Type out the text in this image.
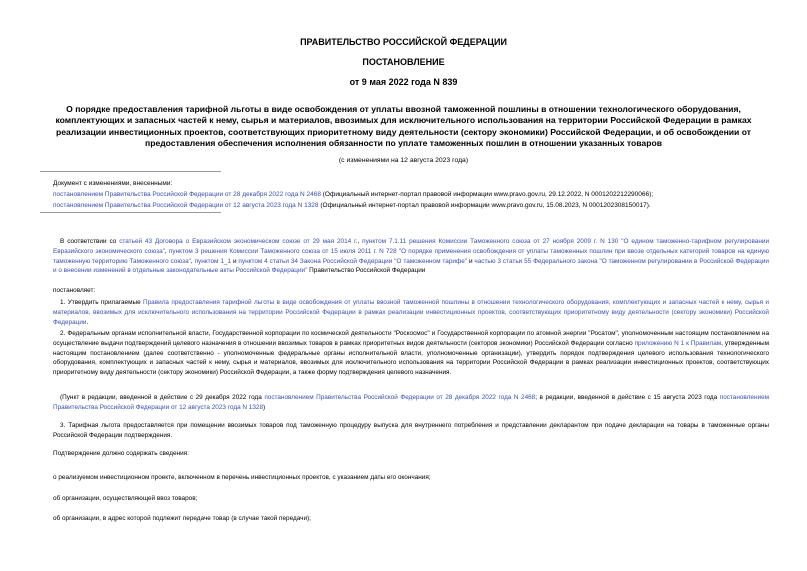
ПРАВИТЕЛЬСТВО РОССИЙСКОЙ ФЕДЕРАЦИИ
ПОСТАНОВЛЕНИЕ
от 9 мая 2022 года N 839
О порядке предоставления тарифной льготы в виде освобождения от уплаты ввозной таможенной пошлины в отношении технологического оборудования, комплектующих и запасных частей к нему, сырья и материалов, ввозимых для исключительного использования на территории Российской Федерации в рамках реализации инвестиционных проектов, соответствующих приоритетному виду деятельности (сектору экономики) Российской Федерации, и об освобождении от предоставления обеспечения исполнения обязанности по уплате таможенных пошлин в отношении указанных товаров
(с изменениями на 12 августа 2023 года)
Документ с изменениями, внесенными:
постановлением Правительства Российской Федерации от 28 декабря 2022 года N 2468 (Официальный интернет-портал правовой информации www.pravo.gov.ru, 29.12.2022, N 0001202212290066);
постановлением Правительства Российской Федерации от 12 августа 2023 года N 1328 (Официальный интернет-портал правовой информации www.pravo.gov.ru, 15.08.2023, N 0001202308150017).
В соответствии со статьей 43 Договора о Евразийском экономическом союзе от 29 мая 2014 г., пунктом 7.1.11 решения Комиссии Таможенного союза от 27 ноября 2009 г. N 130 "О едином таможенно-тарифном регулировании Евразийского экономического союза", пунктом 3 решения Комиссии Таможенного союза от 15 июля 2011 г. N 728 "О порядке применения освобождения от уплаты таможенных пошлин при ввозе отдельных категорий товаров на единую таможенную территорию Таможенного союза", пунктом 1_1 и пунктом 4 статьи 34 Закона Российской Федерации "О таможенном тарифе" и частью 3 статьи 55 Федерального закона "О таможенном регулировании в Российской Федерации и о внесении изменений в отдельные законодательные акты Российской Федерации" Правительство Российской Федерации
постановляет:
1. Утвердить прилагаемые Правила предоставления тарифной льготы в виде освобождения от уплаты ввозной таможенной пошлины в отношении технологического оборудования, комплектующих и запасных частей к нему, сырья и материалов, ввозимых для исключительного использования на территории Российской Федерации в рамках реализации инвестиционных проектов, соответствующих приоритетному виду деятельности (сектору экономики) Российской Федерации.
2. Федеральным органам исполнительной власти, Государственной корпорации по космической деятельности "Роскосмос" и Государственной корпорации по атомной энергии "Росатом", уполномоченным настоящим постановлением на осуществление выдачи подтверждений целевого назначения в отношении ввозимых товаров в рамках приоритетных видов деятельности (секторов экономики) Российской Федерации согласно приложению N 1 к Правилам, утвержденным настоящим постановлением (далее соответственно - уполномоченные федеральные органы исполнительной власти, уполномоченные организации), утвердить порядок подтверждения целевого использования технологического оборудования, комплектующих и запасных частей к нему, сырья и материалов, ввозимых для исключительного использования на территории Российской Федерации в рамках реализации инвестиционных проектов, соответствующих приоритетному виду деятельности (сектору экономики) Российской Федерации, а также форму подтверждения целевого назначения.
(Пункт в редакции, введенной в действие с 29 декабря 2022 года постановлением Правительства Российской Федерации от 28 декабря 2022 года N 2468; в редакции, введенной в действие с 15 августа 2023 года постановлением Правительства Российской Федерации от 12 августа 2023 года N 1328)
3. Тарифная льгота предоставляется при помещении ввозимых товаров под таможенную процедуру выпуска для внутреннего потребления и представлении декларантом при подаче декларации на товары в таможенные органы Российской Федерации подтверждения.
Подтверждение должно содержать сведения:
о реализуемом инвестиционном проекте, включенном в перечень инвестиционных проектов, с указанием даты его окончания;
об организации, осуществляющей ввоз товаров;
об организации, в адрес которой подлежит передаче товар (в случае такой передачи);
